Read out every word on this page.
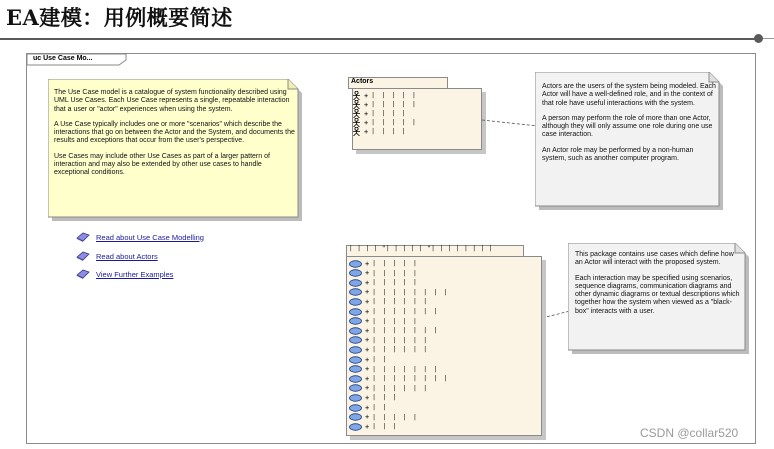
EA建模：用例概要简述
uc Use Case Mo...

The Use Case model is a catalogue of system functionality described using UML Use Cases. Each Use Case represents a single, repeatable interaction that a user or "actor" experiences when using the system.

A Use Case typically includes one or more "scenarios" which describe the interactions that go on between the Actor and the System, and documents the results and exceptions that occur from the user's perspective.

Use Cases may include other Use Cases as part of a larger pattern of interaction and may also be extended by other use cases to handle exceptional conditions.

Read about Use Case Modelling
Read about Actors
View Further Examples
Actors
+ | | | | |
+ | | | | |
+ | | | |
+ | | | | |
+ | | | |

Actors are the users of the system being modeled. Each Actor will have a well-defined role, and in the context of that role have useful interactions with the system.

A person may perform the role of more than one Actor, although they will only assume one role during one use case interaction.

An Actor role may be performed by a non-human system, such as another computer program.

| | | | "| | | | | "| | | | | | | |
+ | | | | |
+ | | | | |
+ | | | | |
+ | | | | | | | |
+ | | | | | |
+ | | | | | | |
+ | | | | |
+ | | | | | | |
+ | | | | | |
+ | | | | | |
+ | |
+ | | | | | | |
+ | | | | | | | |
+ | | | | | |
+ | | |
+ | |
+ | | | | |
+ | | |

This package contains use cases which define how an Actor will interact with the proposed system.

Each interaction may be specified using scenarios, sequence diagrams, communication diagrams and other dynamic diagrams or textual descriptions which together how the system when viewed as a "black-box" interacts with a user.

CSDN @collar520
